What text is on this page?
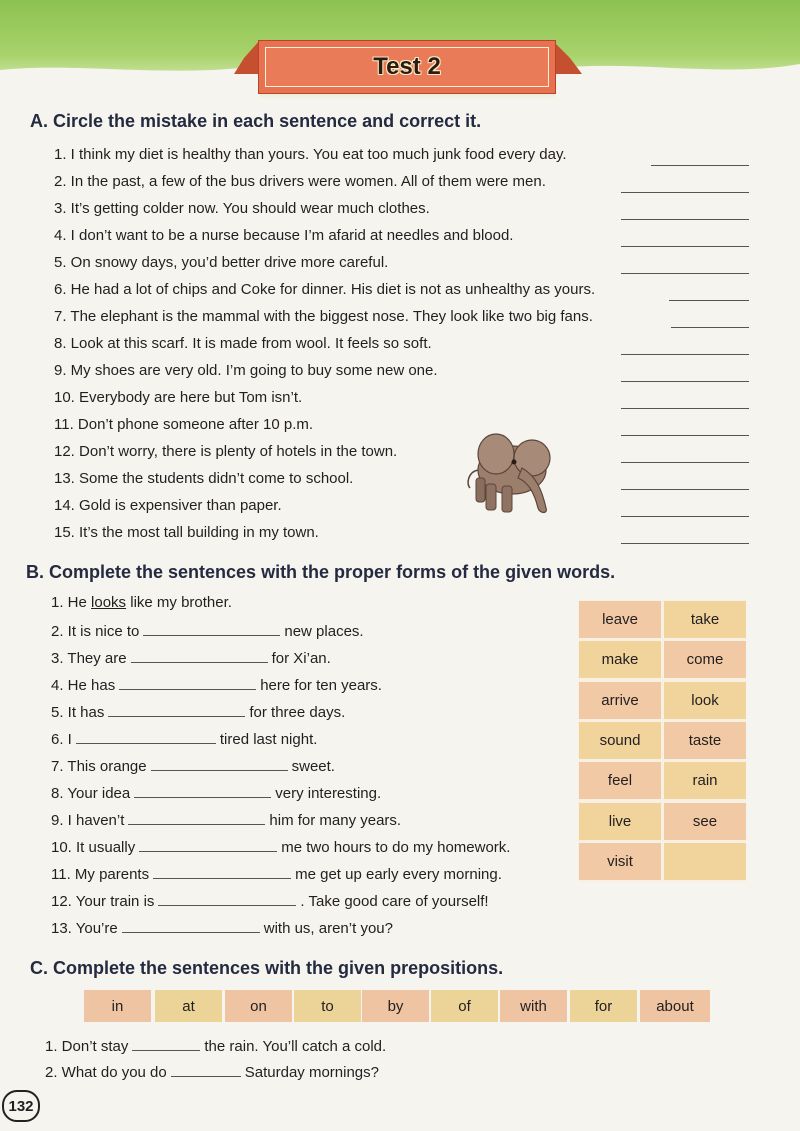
Test 2
A. Circle the mistake in each sentence and correct it.
1. I think my diet is healthy than yours. You eat too much junk food every day.
2. In the past, a few of the bus drivers were women. All of them were men.
3. It’s getting colder now. You should wear much clothes.
4. I don’t want to be a nurse because I’m afarid at needles and blood.
5. On snowy days, you’d better drive more careful.
6. He had a lot of chips and Coke for dinner. His diet is not as unhealthy as yours.
7. The elephant is the mammal with the biggest nose. They look like two big fans.
8. Look at this scarf. It is made from wool. It feels so soft.
9. My shoes are very old. I’m going to buy some new one.
10. Everybody are here but Tom isn’t.
11. Don’t phone someone after 10 p.m.
12. Don’t worry, there is plenty of hotels in the town.
13. Some the students didn’t come to school.
14. Gold is expensiver than paper.
15. It’s the most tall building in my town.
B. Complete the sentences with the proper forms of the given words.
1. He looks like my brother.
2. It is nice to	new places.
3. They are	for Xi’an.
4. He has	here for ten years.
5. It has	for three days.
6. I	tired last night.
7. This orange	sweet.
8. Your idea	very interesting.
9. I haven’t	him for many years.
10. It usually	me two hours to do my homework.
11. My parents	me get up early every morning.
12. Your train is	. Take good care of yourself!
13. You’re	with us, aren’t you?
leave	take
make	come
arrive	look
sound	taste
feel	rain
live	see
visit
C. Complete the sentences with the given prepositions.
in	at	on	to	by	of	with	for	about
1. Don’t stay	the rain. You’ll catch a cold.
2. What do you do	Saturday mornings?
132
